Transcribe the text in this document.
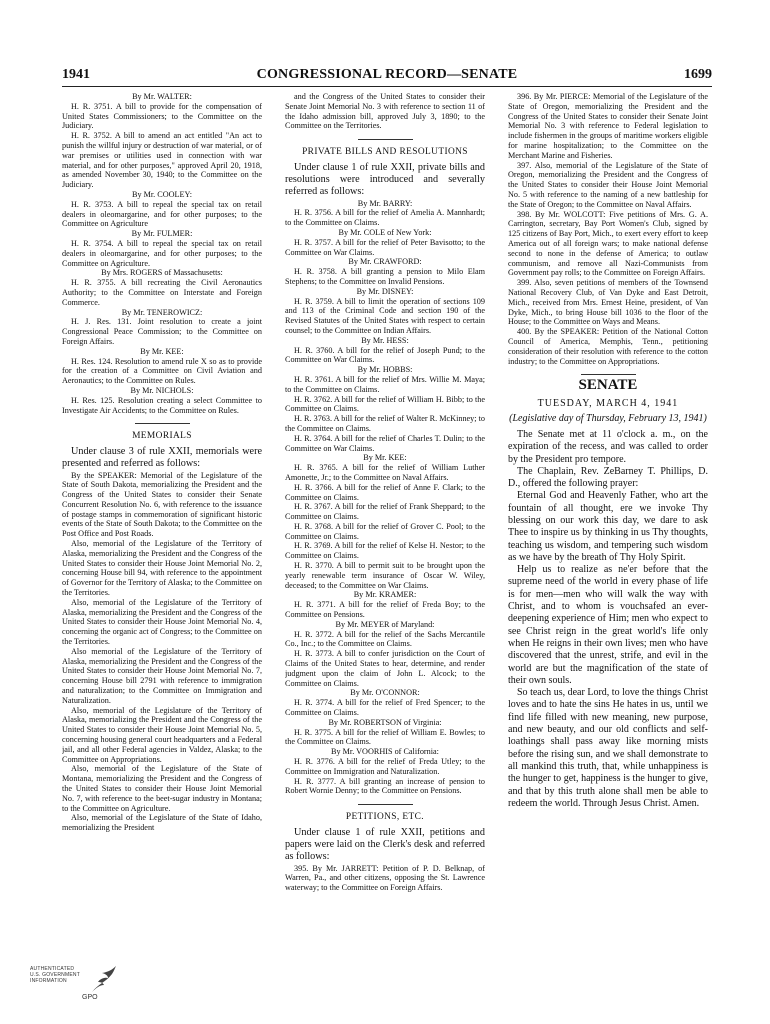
1941	CONGRESSIONAL RECORD—SENATE	1699

By Mr. WALTER:

H. R. 3751. A bill to provide for the compensation of United States Commissioners; to the Committee on the Judiciary.

H. R. 3752. A bill to amend an act entitled "An act to punish the willful injury or destruction of war material, or of war premises or utilities used in connection with war material, and for other purposes," approved April 20, 1918, as amended November 30, 1940; to the Committee on the Judiciary.

By Mr. COOLEY:

H. R. 3753. A bill to repeal the special tax on retail dealers in oleomargarine, and for other purposes; to the Committee on Agriculture

By Mr. FULMER:

H. R. 3754. A bill to repeal the special tax on retail dealers in oleomargarine, and for other purposes; to the Committee on Agriculture.

By Mrs. ROGERS of Massachusetts:

H. R. 3755. A bill recreating the Civil Aeronautics Authority; to the Committee on Interstate and Foreign Commerce.

By Mr. TENEROWICZ:

H. J. Res. 131. Joint resolution to create a joint Congressional Peace Commission; to the Committee on Foreign Affairs.

By Mr. KEE:

H. Res. 124. Resolution to amend rule X so as to provide for the creation of a Committee on Civil Aviation and Aeronautics; to the Committee on Rules.

By Mr. NICHOLS:

H. Res. 125. Resolution creating a select Committee to Investigate Air Accidents; to the Committee on Rules.

MEMORIALS

Under clause 3 of rule XXII, memorials were presented and referred as follows:

By the SPEAKER: Memorial of the Legislature of the State of South Dakota, memorializing the President and the Congress of the United States to consider their Senate Concurrent Resolution No. 6, with reference to the issuance of postage stamps in commemoration of significant historic events of the State of South Dakota; to the Committee on the Post Office and Post Roads.

Also, memorial of the Legislature of the Territory of Alaska, memorializing the President and the Congress of the United States to consider their House Joint Memorial No. 2, concerning House bill 94, with reference to the appointment of Governor for the Territory of Alaska; to the Committee on the Territories.

Also, memorial of the Legislature of the Territory of Alaska, memorializing the President and the Congress of the United States to consider their House Joint Memorial No. 4, concerning the organic act of Congress; to the Committee on the Territories.

Also memorial of the Legislature of the Territory of Alaska, memorializing the President and the Congress of the United States to consider their House Joint Memorial No. 7, concerning House bill 2791 with reference to immigration and naturalization; to the Committee on Immigration and Naturalization.

Also, memorial of the Legislature of the Territory of Alaska, memorializing the President and the Congress of the United States to consider their House Joint Memorial No. 5, concerning housing general court headquarters and a Federal jail, and all other Federal agencies in Valdez, Alaska; to the Committee on Appropriations.

Also, memorial of the Legislature of the State of Montana, memorializing the President and the Congress of the United States to consider their House Joint Memorial No. 7, with reference to the beet-sugar industry in Montana; to the Committee on Agriculture.

Also, memorial of the Legislature of the State of Idaho, memorializing the President

and the Congress of the United States to consider their Senate Joint Memorial No. 3 with reference to section 11 of the Idaho admission bill, approved July 3, 1890; to the Committee on the Territories.

PRIVATE BILLS AND RESOLUTIONS

Under clause 1 of rule XXII, private bills and resolutions were introduced and severally referred as follows:

By Mr. BARRY:

H. R. 3756. A bill for the relief of Amelia A. Mannhardt; to the Committee on Claims.

By Mr. COLE of New York:

H. R. 3757. A bill for the relief of Peter Bavisotto; to the Committee on War Claims.

By Mr. CRAWFORD:

H. R. 3758. A bill granting a pension to Milo Elam Stephens; to the Committee on Invalid Pensions.

By Mr. DISNEY:

H. R. 3759. A bill to limit the operation of sections 109 and 113 of the Criminal Code and section 190 of the Revised Statutes of the United States with respect to certain counsel; to the Committee on Indian Affairs.

By Mr. HESS:

H. R. 3760. A bill for the relief of Joseph Pund; to the Committee on War Claims.

By Mr. HOBBS:

H. R. 3761. A bill for the relief of Mrs. Willie M. Maya; to the Committee on Claims.

H. R. 3762. A bill for the relief of William H. Bibb; to the Committee on Claims.

H. R. 3763. A bill for the relief of Walter R. McKinney; to the Committee on Claims.

H. R. 3764. A bill for the relief of Charles T. Dulin; to the Committee on War Claims.

By Mr. KEE:

H. R. 3765. A bill for the relief of William Luther Amonette, Jr.; to the Committee on Naval Affairs.

H. R. 3766. A bill for the relief of Anne F. Clark; to the Committee on Claims.

H. R. 3767. A bill for the relief of Frank Sheppard; to the Committee on Claims.

H. R. 3768. A bill for the relief of Grover C. Pool; to the Committee on Claims.

H. R. 3769. A bill for the relief of Kelse H. Nestor; to the Committee on Claims.

H. R. 3770. A bill to permit suit to be brought upon the yearly renewable term insurance of Oscar W. Wiley, deceased; to the Committee on War Claims.

By Mr. KRAMER:

H. R. 3771. A bill for the relief of Freda Boy; to the Committee on Pensions.

By Mr. MEYER of Maryland:

H. R. 3772. A bill for the relief of the Sachs Mercantile Co., Inc.; to the Committee on Claims.

H. R. 3773. A bill to confer jurisdiction on the Court of Claims of the United States to hear, determine, and render judgment upon the claim of John L. Alcock; to the Committee on Claims.

By Mr. O'CONNOR:

H. R. 3774. A bill for the relief of Fred Spencer; to the Committee on Claims.

By Mr. ROBERTSON of Virginia:

H. R. 3775. A bill for the relief of William E. Bowles; to the Committee on Claims.

By Mr. VOORHIS of California:

H. R. 3776. A bill for the relief of Freda Utley; to the Committee on Immigration and Naturalization.

H. R. 3777. A bill granting an increase of pension to Robert Wornie Denny; to the Committee on Pensions.

PETITIONS, ETC.

Under clause 1 of rule XXII, petitions and papers were laid on the Clerk's desk and referred as follows:

395. By Mr. JARRETT: Petition of P. D. Belknap, of Warren, Pa., and other citizens, opposing the St. Lawrence waterway; to the Committee on Foreign Affairs.

396. By Mr. PIERCE: Memorial of the Legislature of the State of Oregon, memorializing the President and the Congress of the United States to consider their Senate Joint Memorial No. 3 with reference to Federal legislation to include fishermen in the groups of maritime workers eligible for marine hospitalization; to the Committee on the Merchant Marine and Fisheries.

397. Also, memorial of the Legislature of the State of Oregon, memorializing the President and the Congress of the United States to consider their House Joint Memorial No. 5 with reference to the naming of a new battleship for the State of Oregon; to the Committee on Naval Affairs.

398. By Mr. WOLCOTT: Five petitions of Mrs. G. A. Carrington, secretary, Bay Port Women's Club, signed by 125 citizens of Bay Port, Mich., to exert every effort to keep America out of all foreign wars; to make national defense second to none in the defense of America; to outlaw communism, and remove all Nazi-Communists from Government pay rolls; to the Committee on Foreign Affairs.

399. Also, seven petitions of members of the Townsend National Recovery Club, of Van Dyke and East Detroit, Mich., received from Mrs. Ernest Heine, president, of Van Dyke, Mich., to bring House bill 1036 to the floor of the House; to the Committee on Ways and Means.

400. By the SPEAKER: Petition of the National Cotton Council of America, Memphis, Tenn., petitioning consideration of their resolution with reference to the cotton industry; to the Committee on Appropriations.

SENATE

TUESDAY, MARCH 4, 1941

(Legislative day of Thursday, February 13, 1941)

The Senate met at 11 o'clock a. m., on the expiration of the recess, and was called to order by the President pro tempore.

The Chaplain, Rev. ZeBarney T. Phillips, D. D., offered the following prayer:

Eternal God and Heavenly Father, who art the fountain of all thought, ere we invoke Thy blessing on our work this day, we dare to ask Thee to inspire us by thinking in us Thy thoughts, teaching us wisdom, and tempering such wisdom as we have by the breath of Thy Holy Spirit.

Help us to realize as ne'er before that the supreme need of the world in every phase of life is for men—men who will walk the way with Christ, and to whom is vouchsafed an ever-deepening experience of Him; men who expect to see Christ reign in the great world's life only when He reigns in their own lives; men who have discovered that the unrest, strife, and evil in the world are but the magnification of the state of their own souls.

So teach us, dear Lord, to love the things Christ loves and to hate the sins He hates in us, until we find life filled with new meaning, new purpose, and new beauty, and our old conflicts and self-loathings shall pass away like morning mists before the rising sun, and we shall demonstrate to all mankind this truth, that, while unhappiness is the hunger to get, happiness is the hunger to give, and that by this truth alone shall men be able to redeem the world. Through Jesus Christ. Amen.

AUTHENTICATED
U.S. GOVERNMENT
INFORMATION
GPO
